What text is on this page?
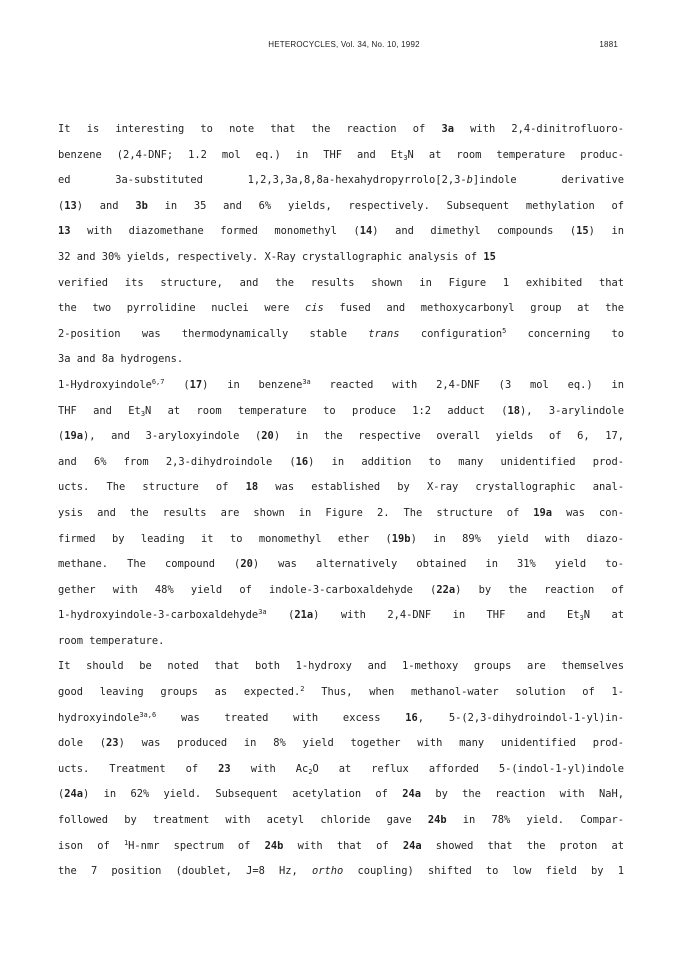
HETEROCYCLES, Vol. 34, No. 10, 1992	1881
It is interesting to note that the reaction of 3a with 2,4-dinitrofluoro-
benzene (2,4-DNF; 1.2 mol eq.) in THF and $Et_3N$ at room temperature produc-
ed 3a-substituted 1,2,3,3a,8,8a-hexahydropyrrolo[2,3-b]indole derivative
(13) and 3b in 35 and 6% yields, respectively. Subsequent methylation of
13 with diazomethane formed monomethyl (14) and dimethyl compounds (15) in
32 and 30% yields, respectively. X-Ray crystallographic analysis of 15
verified its structure, and the results shown in Figure 1 exhibited that
the two pyrrolidine nuclei were cis fused and methoxycarbonyl group at the
2-position was thermodynamically stable trans configuration$^5$ concerning to
3a and 8a hydrogens.
1-Hydroxyindole$^{6,7}$ (17) in benzene$^{3a}$ reacted with 2,4-DNF (3 mol eq.) in
THF and $Et_3N$ at room temperature to produce 1:2 adduct (18), 3-arylindole
(19a), and 3-aryloxyindole (20) in the respective overall yields of 6, 17,
and 6% from 2,3-dihydroindole (16) in addition to many unidentified prod-
ucts. The structure of 18 was established by X-ray crystallographic anal-
ysis and the results are shown in Figure 2. The structure of 19a was con-
firmed by leading it to monomethyl ether (19b) in 89% yield with diazo-
methane. The compound (20) was alternatively obtained in 31% yield to-
gether with 48% yield of indole-3-carboxaldehyde (22a) by the reaction of
1-hydroxyindole-3-carboxaldehyde$^{3a}$ (21a) with 2,4-DNF in THF and $Et_3N$ at
room temperature.
It should be noted that both 1-hydroxy and 1-methoxy groups are themselves
good leaving groups as expected.$^2$ Thus, when methanol-water solution of 1-
hydroxyindole$^{3a,6}$ was treated with excess 16, 5-(2,3-dihydroindol-1-yl)in-
dole (23) was produced in 8% yield together with many unidentified prod-
ucts. Treatment of 23 with $Ac_2O$ at reflux afforded 5-(indol-1-yl)indole
(24a) in 62% yield. Subsequent acetylation of 24a by the reaction with NaH,
followed by treatment with acetyl chloride gave 24b in 78% yield. Compar-
ison of $^1$H-nmr spectrum of 24b with that of 24a showed that the proton at
the 7 position (doublet, J=8 Hz, ortho coupling) shifted to low field by 1
